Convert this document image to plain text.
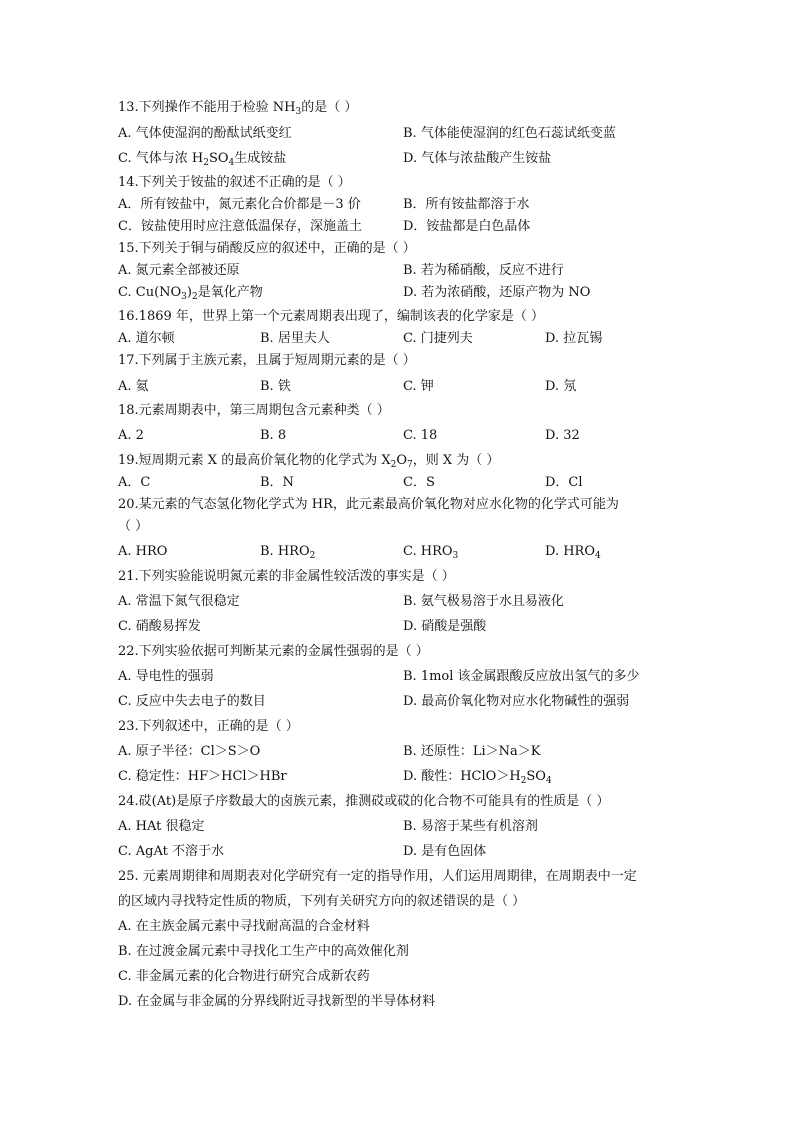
13.下列操作不能用于检验 $NH_3$的是（ ）
A. 气体使湿润的酚酞试纸变红	B. 气体能使湿润的红色石蕊试纸变蓝
C. 气体与浓 $H_2SO_4$生成铵盐	D. 气体与浓盐酸产生铵盐
14.下列关于铵盐的叙述不正确的是（ ）
A．所有铵盐中，氮元素化合价都是－3 价	B．所有铵盐都溶于水
C．铵盐使用时应注意低温保存，深施盖土	D．铵盐都是白色晶体
15.下列关于铜与硝酸反应的叙述中，正确的是（ ）
A. 氮元素全部被还原	B. 若为稀硝酸，反应不进行
C. $Cu(NO_3)_2$是氧化产物	D. 若为浓硝酸，还原产物为 NO
16.1869 年，世界上第一个元素周期表出现了，编制该表的化学家是（ ）
A. 道尔顿	B. 居里夫人	C. 门捷列夫	D. 拉瓦锡
17.下列属于主族元素，且属于短周期元素的是（ ）
A. 氦	B. 铁	C. 钾	D. 氖
18.元素周期表中，第三周期包含元素种类（ ）
A. 2	B. 8	C. 18	D. 32
19.短周期元素 X 的最高价氧化物的化学式为 $X_2O_7$，则 X 为（ ）
A．C	B．N	C．S	D．Cl
20.某元素的气态氢化物化学式为 HR，此元素最高价氧化物对应水化物的化学式可能为
（ ）
A. HRO	B. $HRO_2$	C. $HRO_3$	D. $HRO_4$
21.下列实验能说明氮元素的非金属性较活泼的事实是（ ）
A. 常温下氮气很稳定	B. 氨气极易溶于水且易液化
C. 硝酸易挥发	D. 硝酸是强酸
22.下列实验依据可判断某元素的金属性强弱的是（ ）
A. 导电性的强弱	B. 1mol 该金属跟酸反应放出氢气的多少
C. 反应中失去电子的数目	D. 最高价氧化物对应水化物碱性的强弱
23.下列叙述中，正确的是（ ）
A. 原子半径：Cl＞S＞O	B. 还原性：Li＞Na＞K
C. 稳定性：HF＞HCl＞HBr	D. 酸性：$HClO>H_2SO_4$
24.砹(At)是原子序数最大的卤族元素，推测砹或砹的化合物不可能具有的性质是（ ）
A. HAt 很稳定	B. 易溶于某些有机溶剂
C. AgAt 不溶于水	D. 是有色固体
25. 元素周期律和周期表对化学研究有一定的指导作用，人们运用周期律，在周期表中一定
的区域内寻找特定性质的物质，下列有关研究方向的叙述错误的是（ ）
A. 在主族金属元素中寻找耐高温的合金材料
B. 在过渡金属元素中寻找化工生产中的高效催化剂
C. 非金属元素的化合物进行研究合成新农药
D. 在金属与非金属的分界线附近寻找新型的半导体材料
